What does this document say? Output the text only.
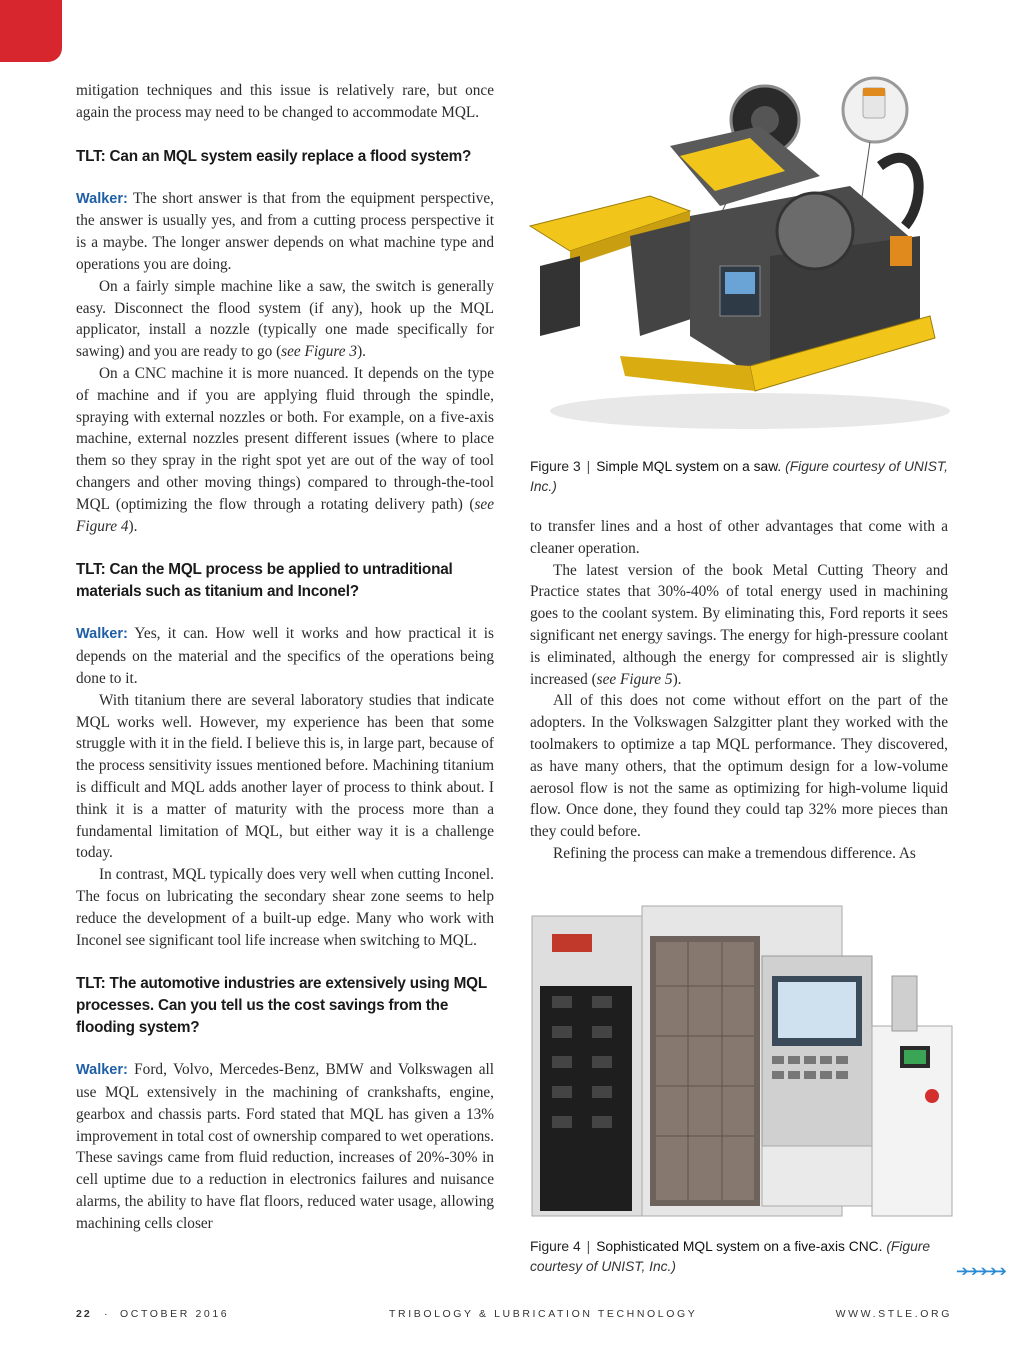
mitigation techniques and this issue is relatively rare, but once again the process may need to be changed to accommodate MQL.

TLT: Can an MQL system easily replace a flood system?

Walker: The short answer is that from the equipment perspective, the answer is usually yes, and from a cutting process perspective it is a maybe. The longer answer depends on what machine type and operations you are doing.

On a fairly simple machine like a saw, the switch is generally easy. Disconnect the flood system (if any), hook up the MQL applicator, install a nozzle (typically one made specifically for sawing) and you are ready to go (see Figure 3).

On a CNC machine it is more nuanced. It depends on the type of machine and if you are applying fluid through the spindle, spraying with external nozzles or both. For example, on a five-axis machine, external nozzles present different issues (where to place them so they spray in the right spot yet are out of the way of tool changers and other moving things) compared to through-the-tool MQL (optimizing the flow through a rotating delivery path) (see Figure 4).

TLT: Can the MQL process be applied to untraditional materials such as titanium and Inconel?

Walker: Yes, it can. How well it works and how practical it is depends on the material and the specifics of the operations being done to it.

With titanium there are several laboratory studies that indicate MQL works well. However, my experience has been that some struggle with it in the field. I believe this is, in large part, because of the process sensitivity issues mentioned before. Machining titanium is difficult and MQL adds another layer of process to think about. I think it is a matter of maturity with the process more than a fundamental limitation of MQL, but either way it is a challenge today.

In contrast, MQL typically does very well when cutting Inconel. The focus on lubricating the secondary shear zone seems to help reduce the development of a built-up edge. Many who work with Inconel see significant tool life increase when switching to MQL.

TLT: The automotive industries are extensively using MQL processes. Can you tell us the cost savings from the flooding system?

Walker: Ford, Volvo, Mercedes-Benz, BMW and Volkswagen all use MQL extensively in the machining of crankshafts, engine, gearbox and chassis parts. Ford stated that MQL has given a 13% improvement in total cost of ownership compared to wet operations. These savings came from fluid reduction, increases of 20%-30% in cell uptime due to a reduction in electronics failures and nuisance alarms, the ability to have flat floors, reduced water usage, allowing machining cells closer

Figure 3 | Simple MQL system on a saw. (Figure courtesy of UNIST, Inc.)

to transfer lines and a host of other advantages that come with a cleaner operation.

The latest version of the book Metal Cutting Theory and Practice states that 30%-40% of total energy used in machining goes to the coolant system. By eliminating this, Ford reports it sees significant net energy savings. The energy for high-pressure coolant is eliminated, although the energy for compressed air is slightly increased (see Figure 5).

All of this does not come without effort on the part of the adopters. In the Volkswagen Salzgitter plant they worked with the toolmakers to optimize a tap MQL performance. They discovered, as have many others, that the optimum design for a low-volume aerosol flow is not the same as optimizing for high-volume liquid flow. Once done, they found they could tap 32% more pieces than they could before.

Refining the process can make a tremendous difference. As

Figure 4 | Sophisticated MQL system on a five-axis CNC. (Figure courtesy of UNIST, Inc.)	➔➔➔➔➔
22 · OCTOBER 2016	TRIBOLOGY & LUBRICATION TECHNOLOGY	WWW.STLE.ORG
